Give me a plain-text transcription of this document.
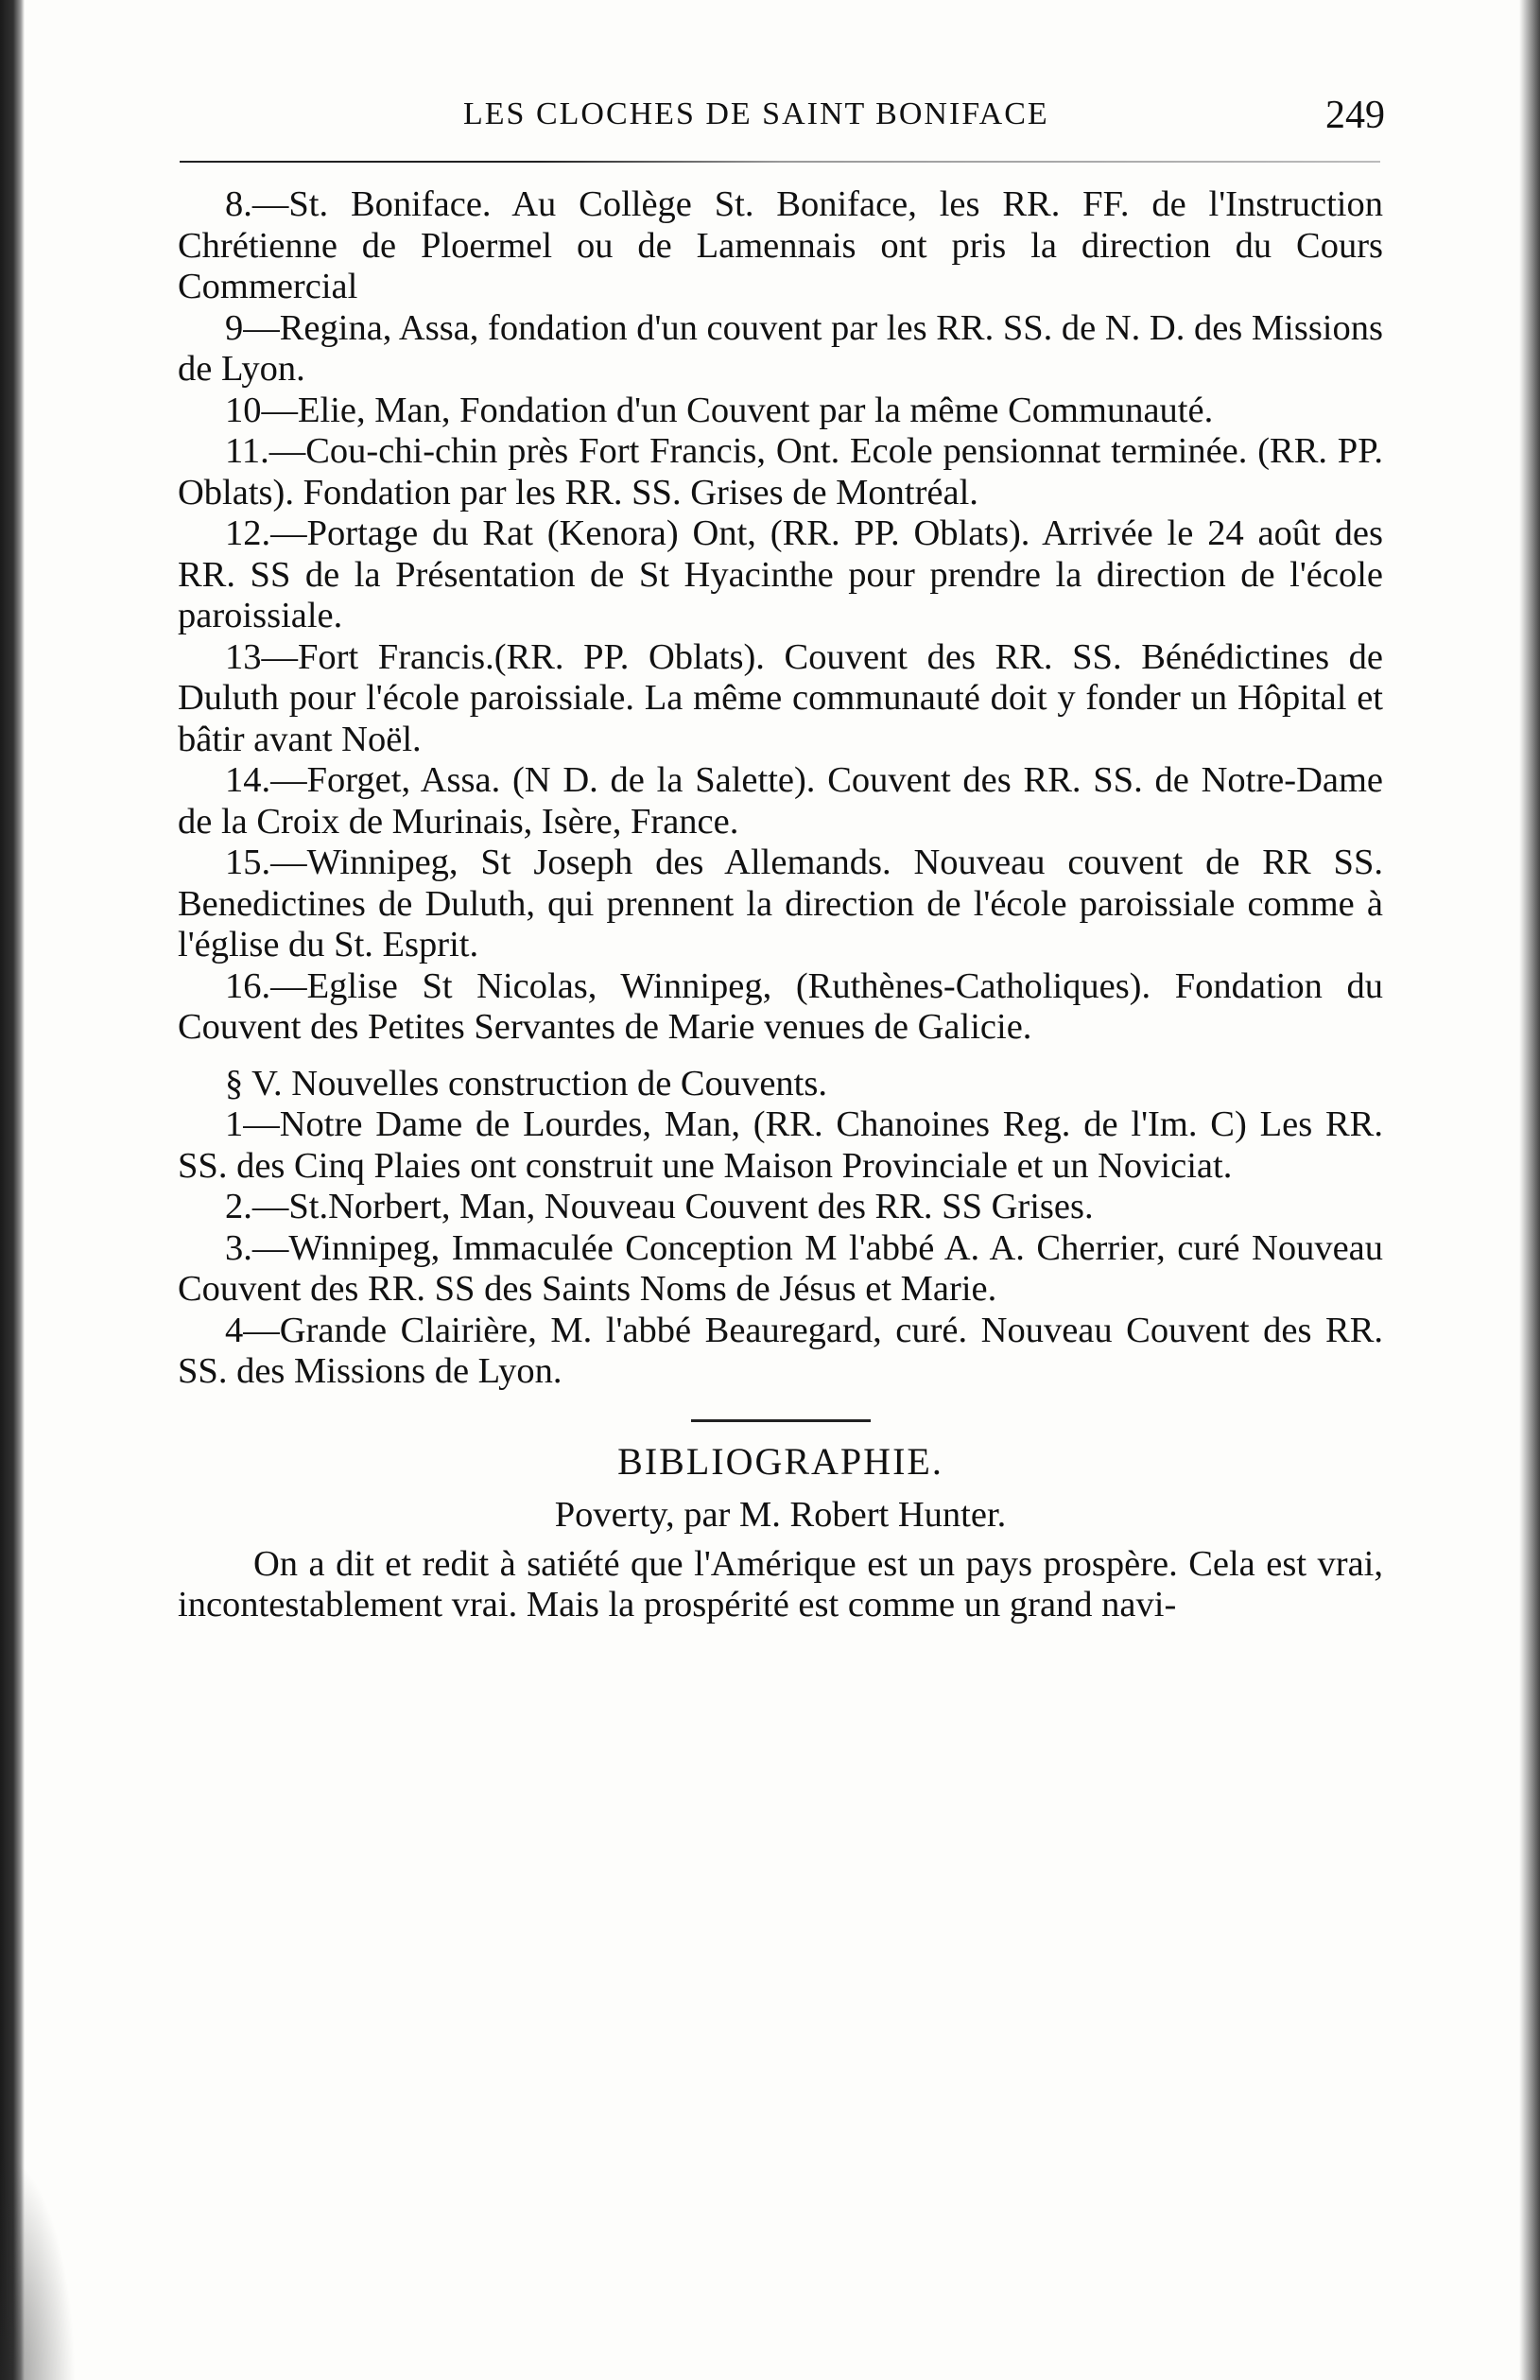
LES CLOCHES DE SAINT BONIFACE	249

8.—St. Boniface. Au Collège St. Boniface, les RR. FF. de l'Instruction Chrétienne de Ploermel ou de Lamennais ont pris la direction du Cours Commercial

9—Regina, Assa, fondation d'un couvent par les RR. SS. de N. D. des Missions de Lyon.

10—Elie, Man, Fondation d'un Couvent par la même Communauté.

11.—Cou-chi-chin près Fort Francis, Ont. Ecole pensionnat terminée. (RR. PP. Oblats). Fondation par les RR. SS. Grises de Montréal.

12.—Portage du Rat (Kenora) Ont, (RR. PP. Oblats). Arrivée le 24 août des RR. SS de la Présentation de St Hyacinthe pour prendre la direction de l'école paroissiale.

13—Fort Francis.(RR. PP. Oblats). Couvent des RR. SS. Bénédictines de Duluth pour l'école paroissiale. La même communauté doit y fonder un Hôpital et bâtir avant Noël.

14.—Forget, Assa. (N D. de la Salette). Couvent des RR. SS. de Notre-Dame de la Croix de Murinais, Isère, France.

15.—Winnipeg, St Joseph des Allemands. Nouveau couvent de RR SS. Benedictines de Duluth, qui prennent la direction de l'école paroissiale comme à l'église du St. Esprit.

16.—Eglise St Nicolas, Winnipeg, (Ruthènes-Catholiques). Fondation du Couvent des Petites Servantes de Marie venues de Galicie.

§ V. Nouvelles construction de Couvents.

1—Notre Dame de Lourdes, Man, (RR. Chanoines Reg. de l'Im. C) Les RR. SS. des Cinq Plaies ont construit une Maison Provinciale et un Noviciat.

2.—St.Norbert, Man, Nouveau Couvent des RR. SS Grises.

3.—Winnipeg, Immaculée Conception M l'abbé A. A. Cherrier, curé Nouveau Couvent des RR. SS des Saints Noms de Jésus et Marie.

4—Grande Clairière, M. l'abbé Beauregard, curé. Nouveau Couvent des RR. SS. des Missions de Lyon.

BIBLIOGRAPHIE.

Poverty, par M. Robert Hunter.

On a dit et redit à satiété que l'Amérique est un pays prospère. Cela est vrai, incontestablement vrai. Mais la prospérité est comme un grand navi-
